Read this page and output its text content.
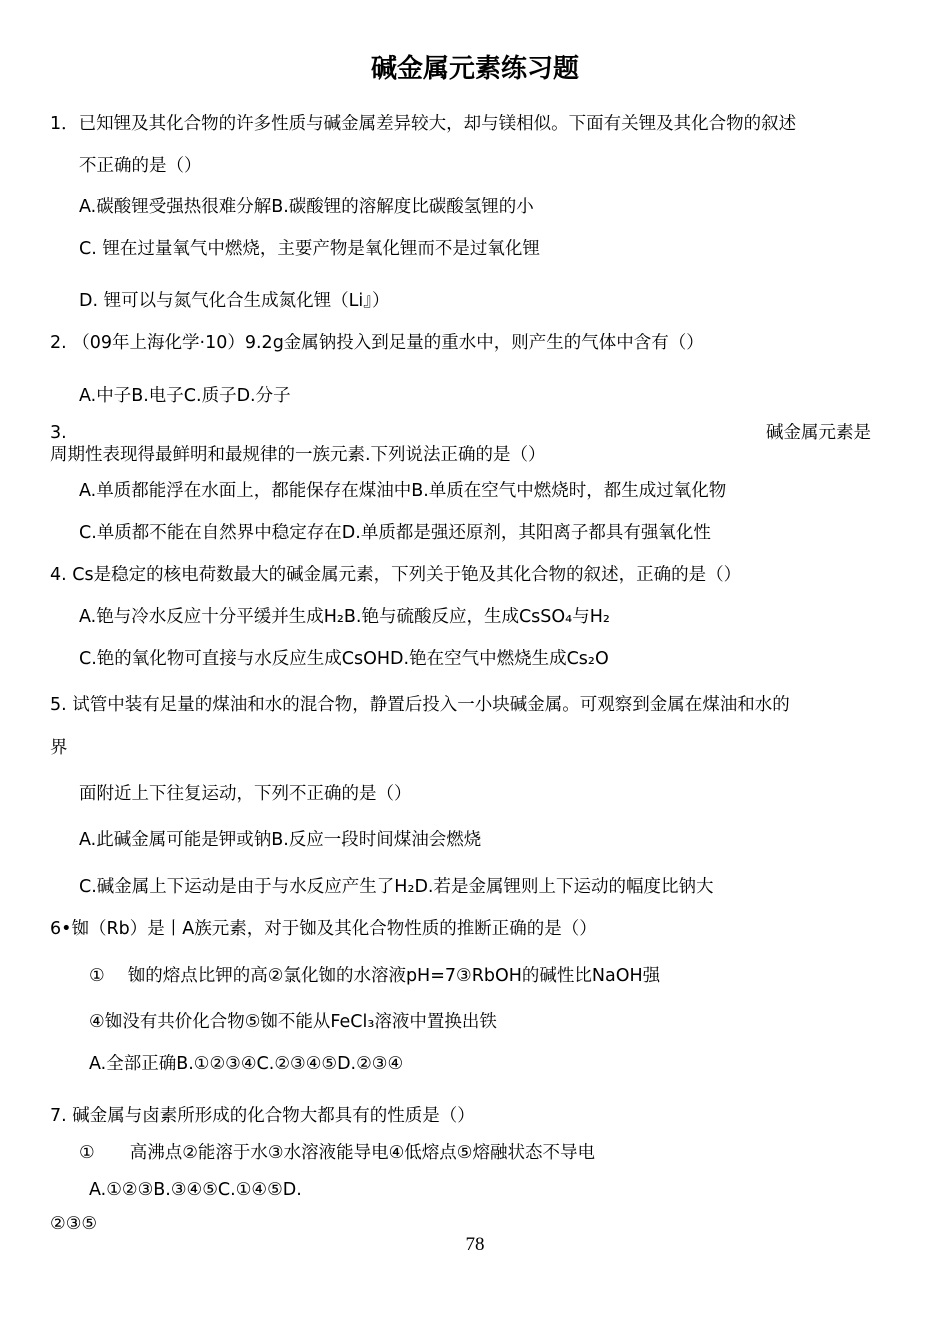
碱金属元素练习题
1．已知锂及其化合物的许多性质与碱金属差异较大，却与镁相似。下面有关锂及其化合物的叙述
不正确的是（）
A.碳酸锂受强热很难分解B.碳酸锂的溶解度比碳酸氢锂的小
C. 锂在过量氧气中燃烧，主要产物是氧化锂而不是过氧化锂
D. 锂可以与氮气化合生成氮化锂（Li』）
2. （09年上海化学·10）9.2g金属钠投入到足量的重水中，则产生的气体中含有（）
A.中子B.电子C.质子D.分子
3.	碱金属元素是
周期性表现得最鲜明和最规律的一族元素.下列说法正确的是（）
A.单质都能浮在水面上，都能保存在煤油中B.单质在空气中燃烧时，都生成过氧化物
C.单质都不能在自然界中稳定存在D.单质都是强还原剂，其阳离子都具有强氧化性
4. Cs是稳定的核电荷数最大的碱金属元素，下列关于铯及其化合物的叙述，正确的是（）
A.铯与冷水反应十分平缓并生成H₂B.铯与硫酸反应，生成CsSO₄与H₂
C.铯的氧化物可直接与水反应生成CsOHD.铯在空气中燃烧生成Cs₂O
5. 试管中装有足量的煤油和水的混合物，静置后投入一小块碱金属。可观察到金属在煤油和水的
界
面附近上下往复运动，下列不正确的是（）
A.此碱金属可能是钾或钠B.反应一段时间煤油会燃烧
C.碱金属上下运动是由于与水反应产生了H₂D.若是金属锂则上下运动的幅度比钠大
6•铷（Rb）是丨A族元素，对于铷及其化合物性质的推断正确的是（）
①　 铷的熔点比钾的高②氯化铷的水溶液pH=7③RbOH的碱性比NaOH强
④铷没有共价化合物⑤铷不能从FeCl₃溶液中置换出铁
A.全部正确B.①②③④C.②③④⑤D.②③④
7. 碱金属与卤素所形成的化合物大都具有的性质是（）
①　　高沸点②能溶于水③水溶液能导电④低熔点⑤熔融状态不导电
A.①②③B.③④⑤C.①④⑤D.
②③⑤
78
